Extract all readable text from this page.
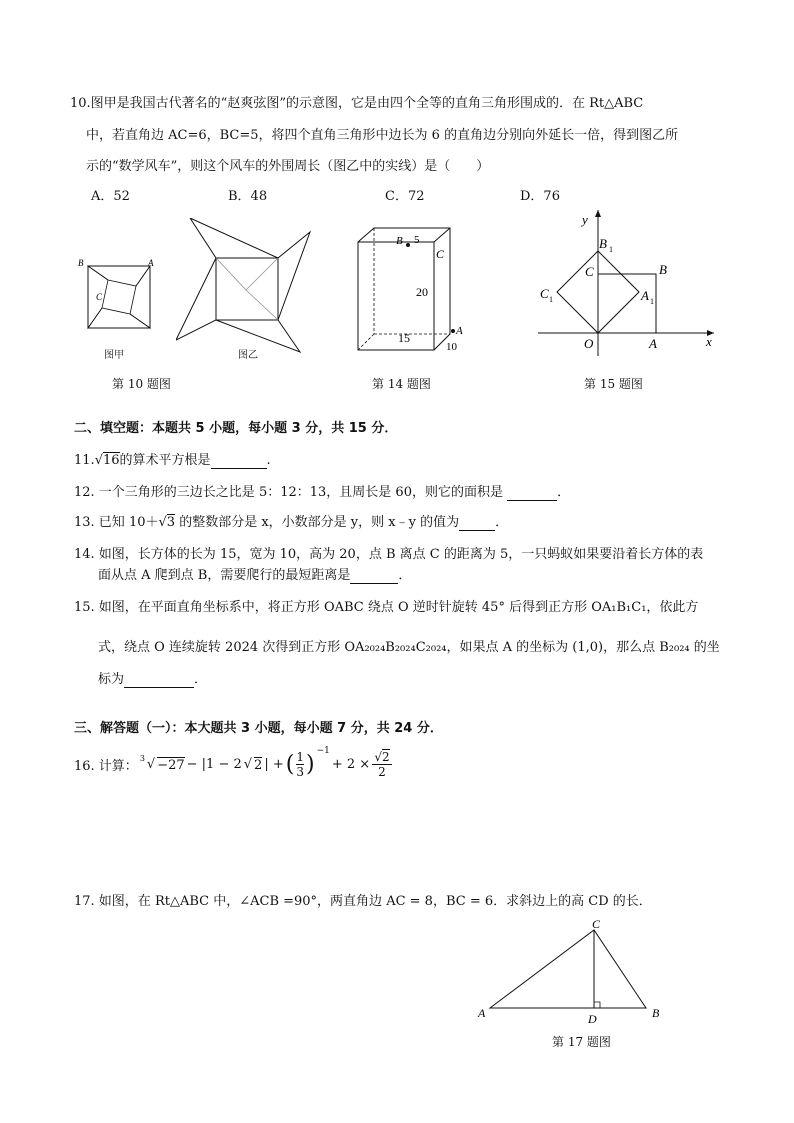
10.图甲是我国古代著名的“赵爽弦图”的示意图，它是由四个全等的直角三角形围成的．在 Rt△ABC
中，若直角边 AC=6，BC=5，将四个直角三角形中边长为 6 的直角边分别向外延长一倍，得到图乙所
示的“数学风车”，则这个风车的外围周长（图乙中的实线）是（　　）
A．52	B．48	C．72	D．76
B	A
C
图甲	图乙
第 10 题图
B 5
C
20
15	A
10
第 14 题图
x
y
O	A
B
C
B 1
A 1
C 1
第 15 题图
二、填空题：本题共 5 小题，每小题 3 分，共 15 分．
11.√16的算术平方根是	.
12. 一个三角形的三边长之比是 5：12：13，且周长是 60，则它的面积是	．
13. 已知 10＋√3 的整数部分是 x，小数部分是 y，则 x﹣y 的值为	．
14. 如图，长方体的长为 15，宽为 10，高为 20，点 B 离点 C 的距离为 5，一只蚂蚁如果要沿着长方体的表
面从点 A 爬到点 B，需要爬行的最短距离是	．
15. 如图，在平面直角坐标系中，将正方形 OABC 绕点 O 逆时针旋转 45° 后得到正方形 OA₁B₁C₁，依此方
式，绕点 O 连续旋转 2024 次得到正方形 OA₂₀₂₄B₂₀₂₄C₂₀₂₄，如果点 A 的坐标为 (1,0)，那么点 B₂₀₂₄ 的坐
标为	．
三、解答题（一）：本大题共 3 小题，每小题 7 分，共 24 分．
16. 计算：
3 √ −27 − |1 − 2 √ 2 | + ( $\frac{1}{3}$ )
−1
+ $2 \times \frac{√2}{2}$
17. 如图，在 Rt△ABC 中，∠ACB =90°，两直角边 AC = 8，BC = 6．求斜边上的高 CD 的长．
C
A	B
D
第 17 题图
